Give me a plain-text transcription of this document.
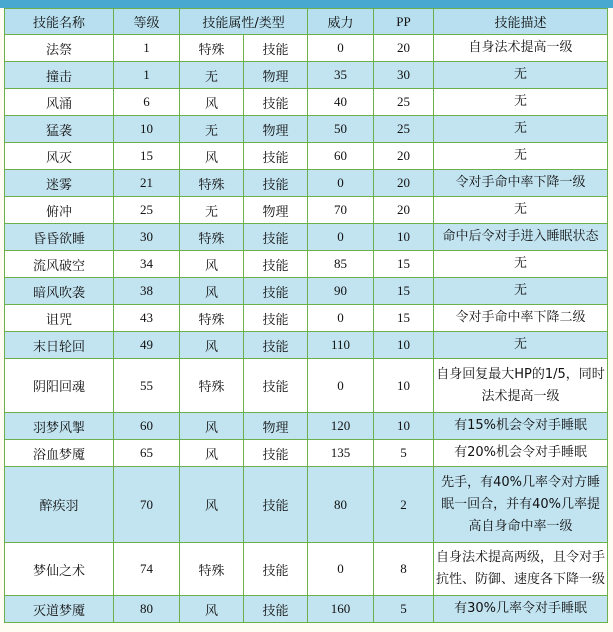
技能名称	等级	技能属性/类型		威力	PP	技能描述
法祭	1	特殊	技能	0	20	自身法术提高一级
撞击	1	无	物理	35	30	无
风涌	6	风	技能	40	25	无
猛袭	10	无	物理	50	25	无
风灭	15	风	技能	60	20	无
迷雾	21	特殊	技能	0	20	令对手命中率下降一级
俯冲	25	无	物理	70	20	无
昏昏欲睡	30	特殊	技能	0	10	命中后令对手进入睡眠状态
流风破空	34	风	技能	85	15	无
暗风吹袭	38	风	技能	90	15	无
诅咒	43	特殊	技能	0	15	令对手命中率下降二级
末日轮回	49	风	技能	110	10	无
阴阳回魂	55	特殊	技能	0	10	自身回复最大HP的1/5，同时法术提高一级
羽梦风掣	60	风	物理	120	10	有15%机会令对手睡眠
浴血梦魇	65	风	技能	135	5	有20%机会令对手睡眠
醉疾羽	70	风	技能	80	2	先手，有40%几率令对方睡眠一回合，并有40%几率提高自身命中率一级
梦仙之术	74	特殊	技能	0	8	自身法术提高两级，且令对手抗性、防御、速度各下降一级
灭道梦魇	80	风	技能	160	5	有30%几率令对手睡眠
